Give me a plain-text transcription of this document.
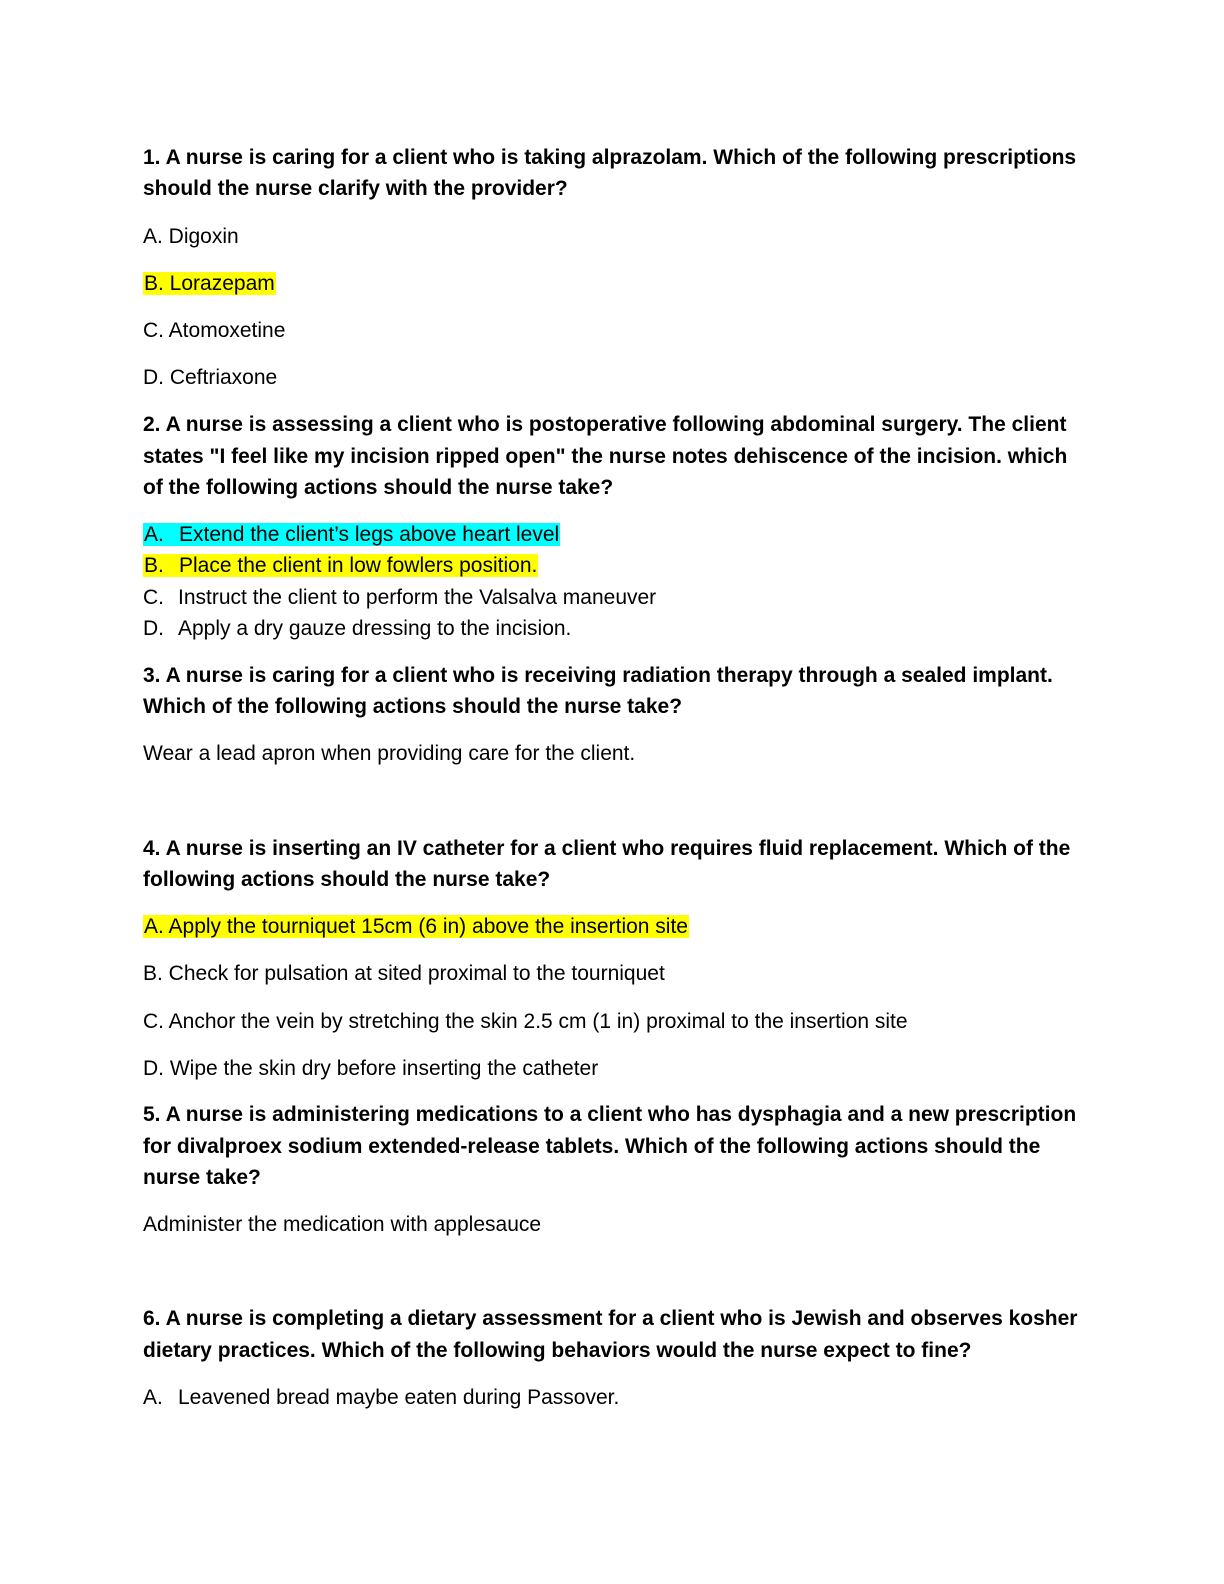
1. A nurse is caring for a client who is taking alprazolam. Which of the following prescriptions
should the nurse clarify with the provider?
A. Digoxin
B. Lorazepam
C. Atomoxetine
D. Ceftriaxone
2. A nurse is assessing a client who is postoperative following abdominal surgery. The client
states "I feel like my incision ripped open" the nurse notes dehiscence of the incision. which
of the following actions should the nurse take?
A. Extend the client’s legs above heart level
B. Place the client in low fowlers position.
C. Instruct the client to perform the Valsalva maneuver
D. Apply a dry gauze dressing to the incision.
3. A nurse is caring for a client who is receiving radiation therapy through a sealed implant.
Which of the following actions should the nurse take?
Wear a lead apron when providing care for the client.
4. A nurse is inserting an IV catheter for a client who requires fluid replacement. Which of the
following actions should the nurse take?
A. Apply the tourniquet 15cm (6 in) above the insertion site
B. Check for pulsation at sited proximal to the tourniquet
C. Anchor the vein by stretching the skin 2.5 cm (1 in) proximal to the insertion site
D. Wipe the skin dry before inserting the catheter
5. A nurse is administering medications to a client who has dysphagia and a new prescription
for divalproex sodium extended-release tablets. Which of the following actions should the
nurse take?
Administer the medication with applesauce
6. A nurse is completing a dietary assessment for a client who is Jewish and observes kosher
dietary practices. Which of the following behaviors would the nurse expect to fine?
A. Leavened bread maybe eaten during Passover.
